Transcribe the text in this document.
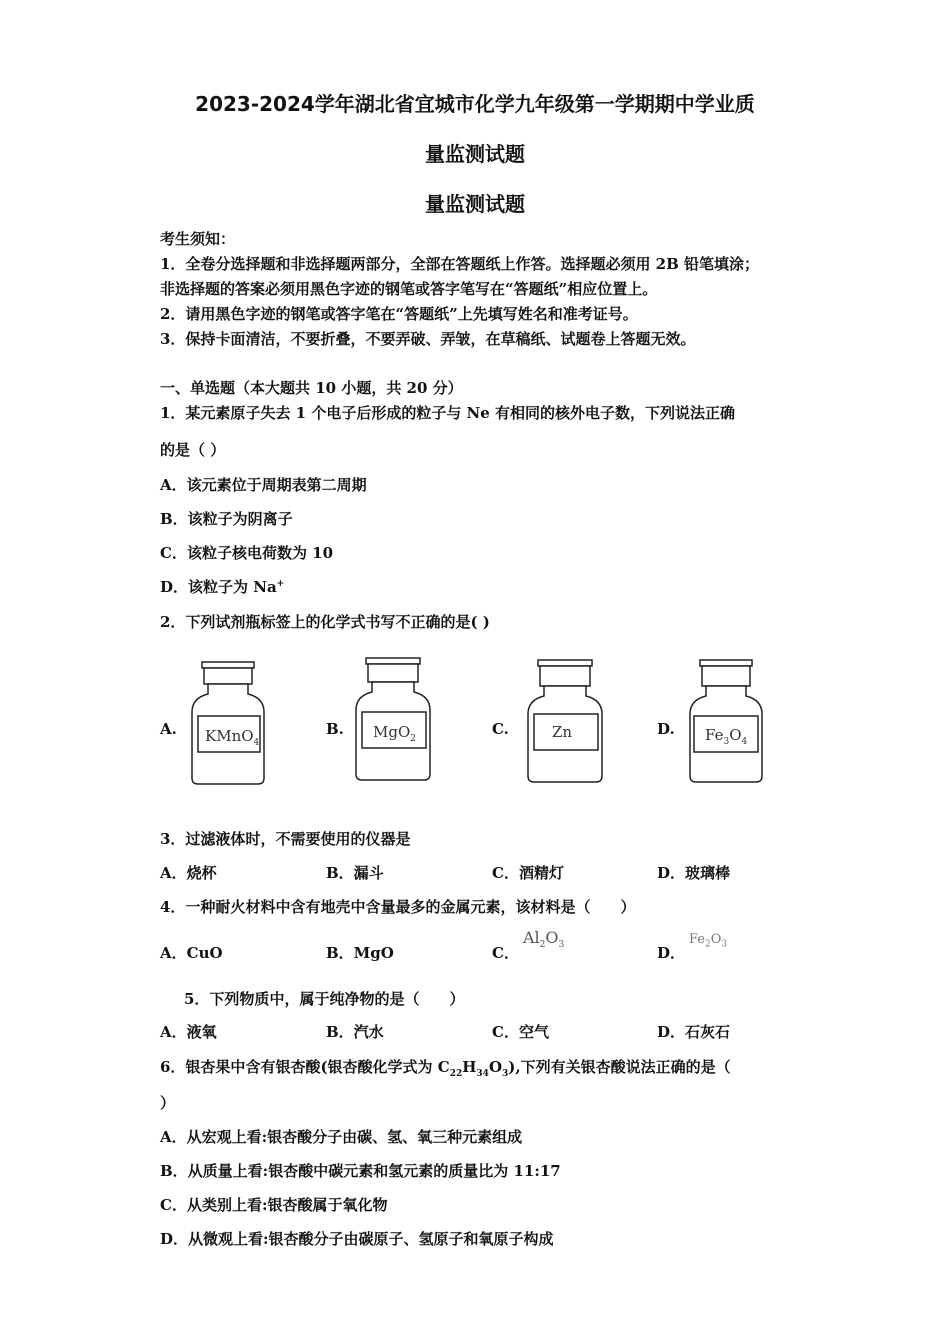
2023-2024学年湖北省宜城市化学九年级第一学期期中学业质
量监测试题
量监测试题
考生须知：
1．全卷分选择题和非选择题两部分，全部在答题纸上作答。选择题必须用 2B 铅笔填涂；
非选择题的答案必须用黑色字迹的钢笔或答字笔写在“答题纸”相应位置上。
2．请用黑色字迹的钢笔或答字笔在“答题纸”上先填写姓名和准考证号。
3．保持卡面清洁，不要折叠，不要弄破、弄皱，在草稿纸、试题卷上答题无效。
一、单选题（本大题共 10 小题，共 20 分）
1．某元素原子失去 1 个电子后形成的粒子与 Ne 有相同的核外电子数，下列说法正确
的是（ ）
A．该元素位于周期表第二周期
B．该粒子为阴离子
C．该粒子核电荷数为 10
D．该粒子为 Na+
2．下列试剂瓶标签上的化学式书写不正确的是( )
A. KMnO$_4$
B. MgO$_2$
C.	Zn	D. $Fe_3O_4$
3．过滤液体时，不需要使用的仪器是
A．烧杯	B．漏斗	C．酒精灯	D．玻璃棒
4．一种耐火材料中含有地壳中含量最多的金属元素，该材料是（　　）
A．CuO	B．MgO	C．
$Al_2O_3$	D．
$Fe_2O_3$
5．下列物质中，属于纯净物的是（　　）
A．液氧	B．汽水	C．空气	D．石灰石
6．银杏果中含有银杏酸(银杏酸化学式为 $C_{22}H_{34}O_3$),下列有关银杏酸说法正确的是（
）
A．从宏观上看:银杏酸分子由碳、氢、氧三种元素组成
B．从质量上看:银杏酸中碳元素和氢元素的质量比为 11:17
C．从类别上看:银杏酸属于氧化物
D．从微观上看:银杏酸分子由碳原子、氢原子和氧原子构成
